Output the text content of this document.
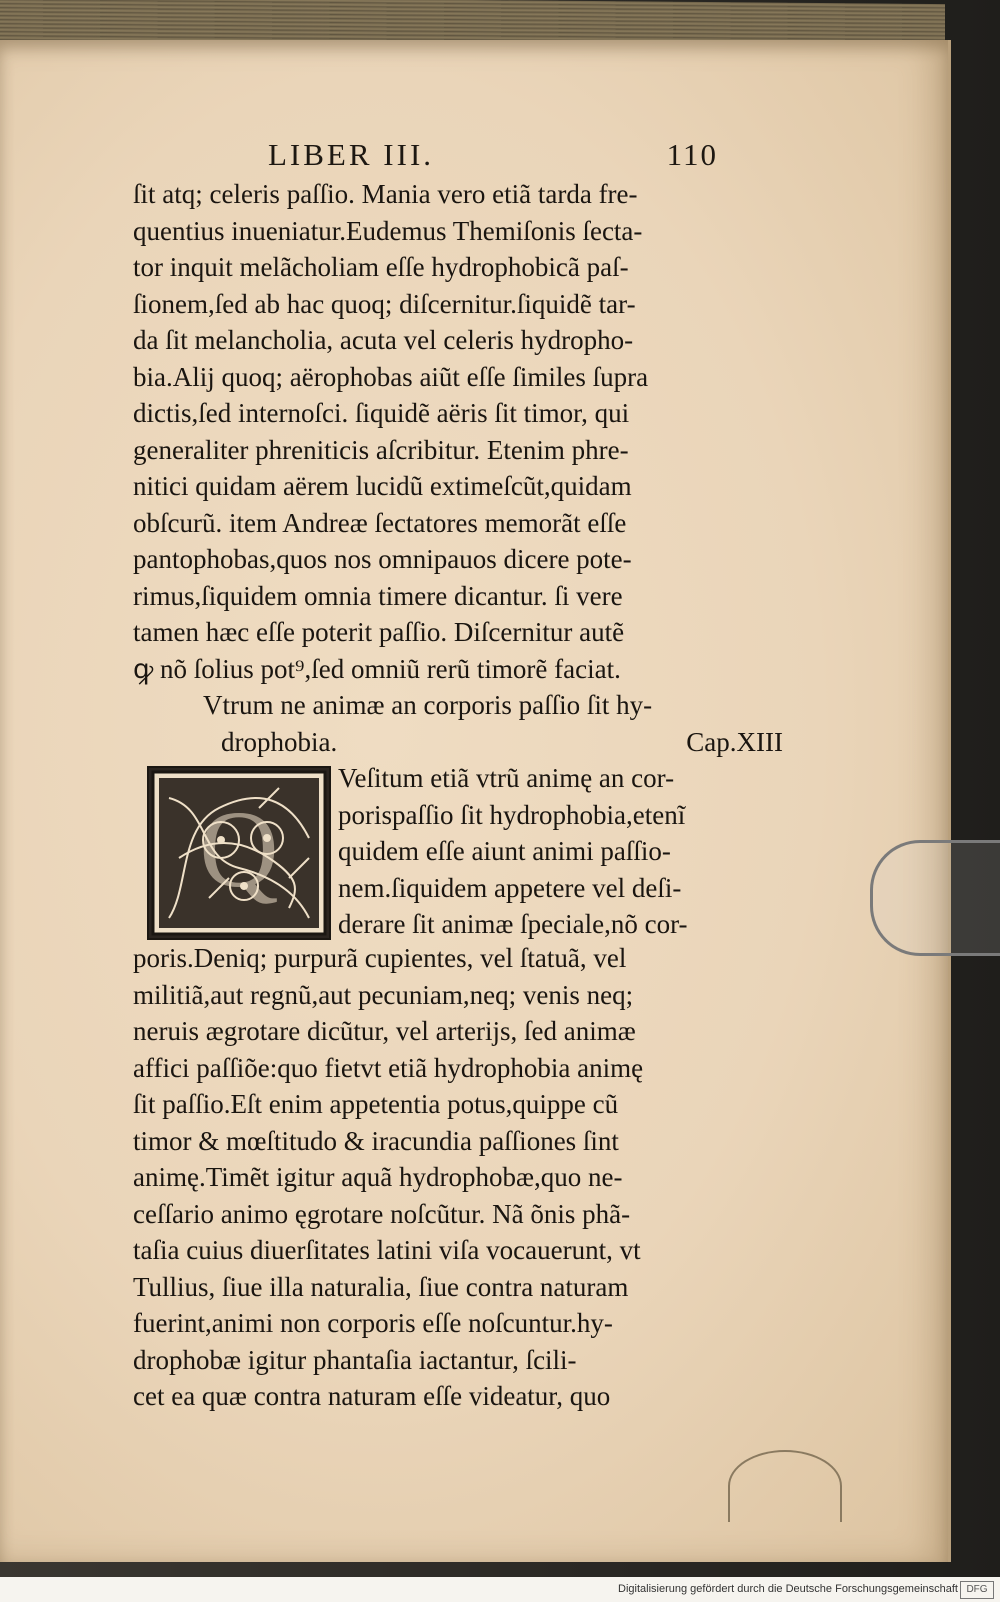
LIBER III.	110
ſit atq; celeris paſſio. Mania vero etiã tarda fre-
quentius inueniatur.Eudemus Themiſonis ſecta-
tor inquit melãcholiam eſſe hydrophobicã paſ-
ſionem,ſed ab hac quoq; diſcernitur.ſiquidẽ tar-
da ſit melancholia, acuta vel celeris hydropho-
bia.Alij quoq; aërophobas aiũt eſſe ſimiles ſupra
dictis,ſed internoſci. ſiquidẽ aëris ſit timor, qui
generaliter phreniticis aſcribitur. Etenim phre-
nitici quidam aërem lucidũ extimeſcũt,quidam
obſcurũ. item Andreæ ſectatores memorãt eſſe
pantophobas,quos nos omnipauos dicere pote-
rimus,ſiquidem omnia timere dicantur. ſi vere
tamen hæc eſſe poterit paſſio. Diſcernitur autẽ
ꝙ nõ ſolius pot⁹,ſed omniũ rerũ timorẽ faciat.
Vtrum ne animæ an corporis paſſio ſit hy-
drophobia.	Cap.XIII
Q
Veſitum etiã vtrũ animę an cor-
porispaſſio ſit hydrophobia,etenĩ
quidem eſſe aiunt animi paſſio-
nem.ſiquidem appetere vel deſi-
derare ſit animæ ſpeciale,nõ cor-
poris.Deniq; purpurã cupientes, vel ſtatuã, vel
militiã,aut regnũ,aut pecuniam,neq; venis neq;
neruis ægrotare dicũtur, vel arterijs, ſed animæ
affici paſſiõe:quo fietvt etiã hydrophobia animę
ſit paſſio.Eſt enim appetentia potus,quippe cũ
timor & mœſtitudo & iracundia paſſiones ſint
animę.Timẽt igitur aquã hydrophobæ,quo ne-
ceſſario animo ęgrotare noſcũtur. Nã õnis phã-
taſia cuius diuerſitates latini viſa vocauerunt, vt
Tullius, ſiue illa naturalia, ſiue contra naturam
fuerint,animi non corporis eſſe noſcuntur.hy-
drophobæ igitur phantaſia iactantur, ſcili-
cet ea quæ contra naturam eſſe videatur, quo
Digitalisierung gefördert durch die Deutsche Forschungsgemeinschaft DFG
